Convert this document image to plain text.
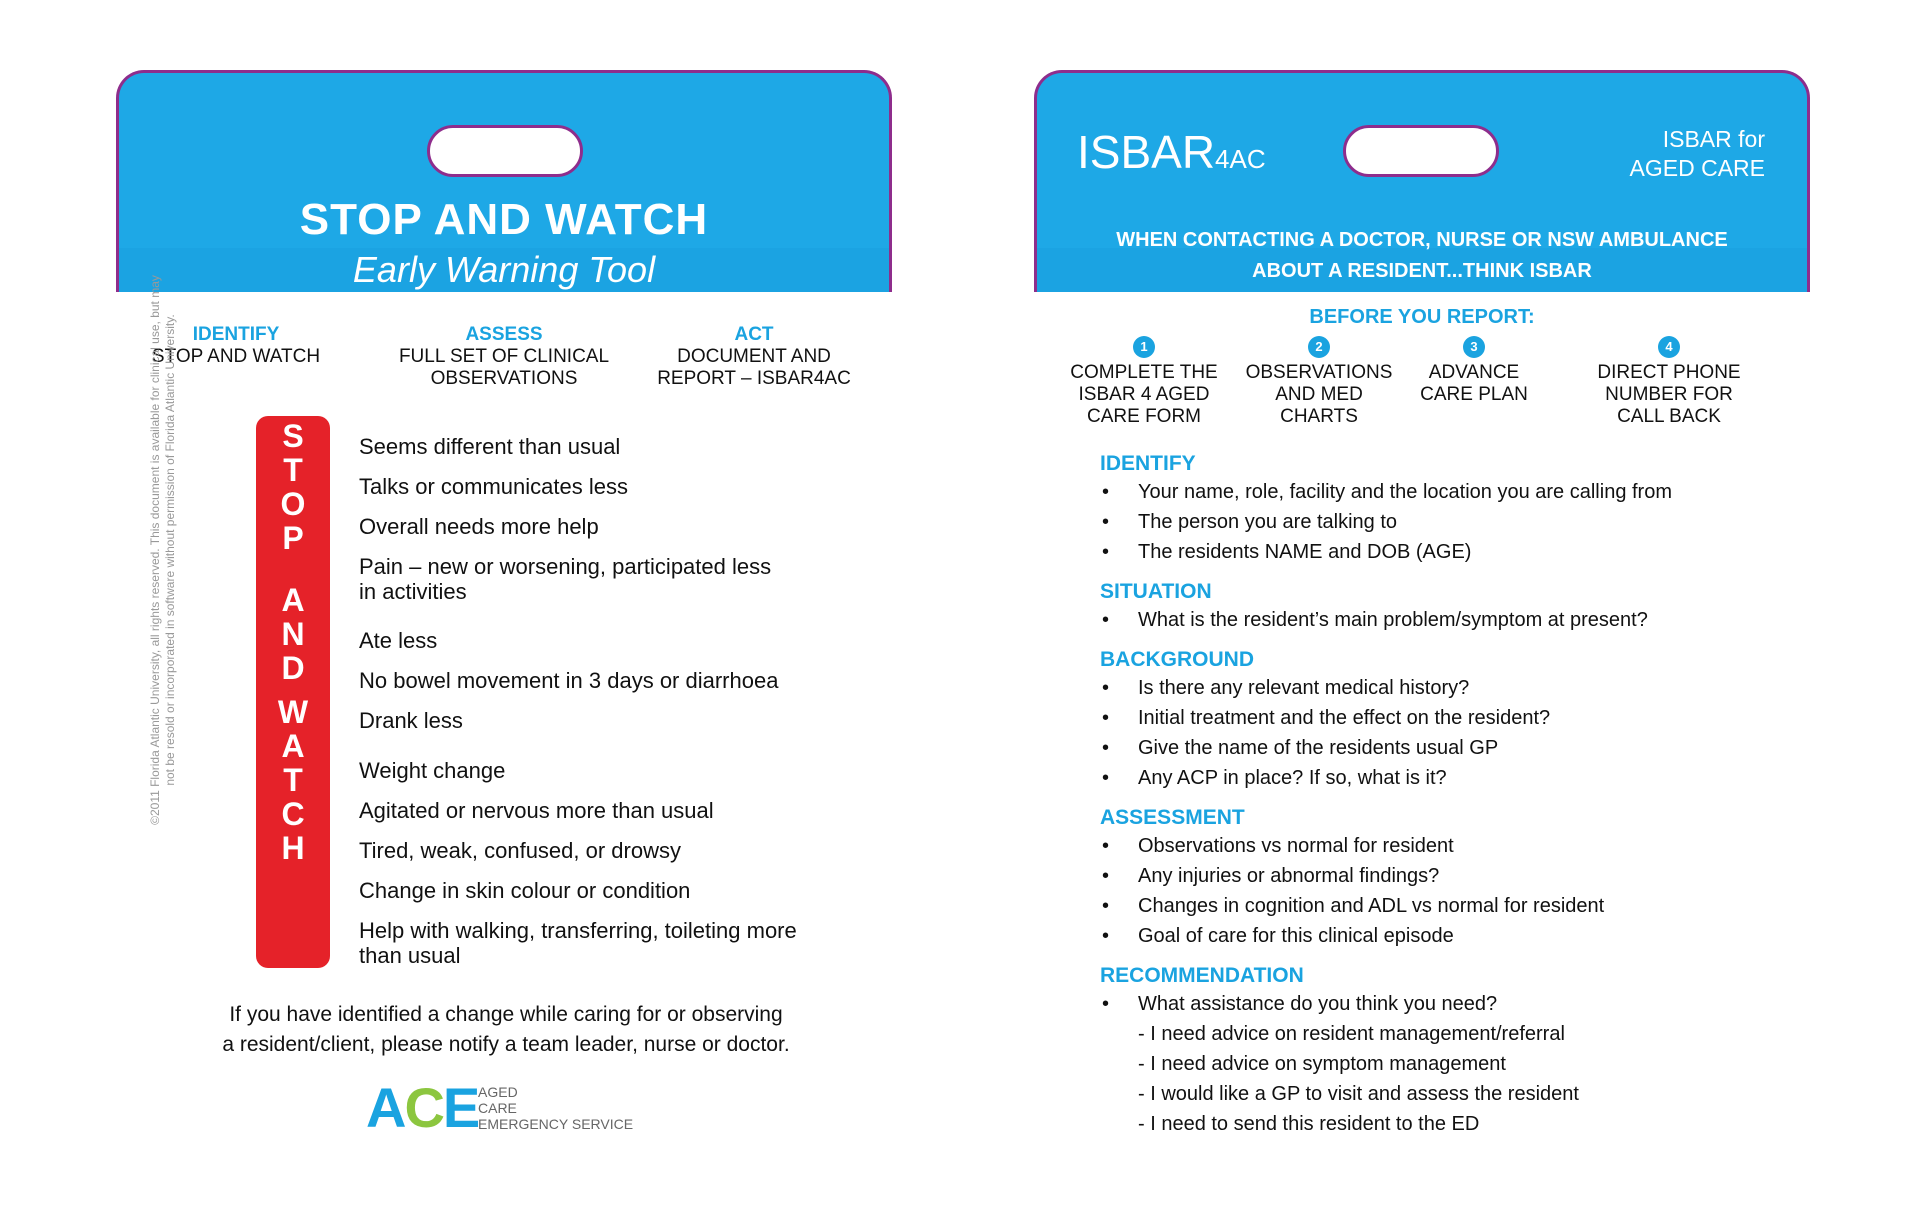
STOP AND WATCH
Early Warning Tool
IDENTIFY
STOP AND WATCH
ASSESS
FULL SET OF CLINICAL OBSERVATIONS
ACT
DOCUMENT AND REPORT – ISBAR4AC
S
T
O
P
A
N
D
W
A
T
C
H
Seems different than usual
Talks or communicates less
Overall needs more help
Pain – new or worsening, participated less in activities
Ate less
No bowel movement in 3 days or diarrhoea
Drank less
Weight change
Agitated or nervous more than usual
Tired, weak, confused, or drowsy
Change in skin colour or condition
Help with walking, transferring, toileting more than usual
©2011 Florida Atlantic University, all rights reserved. This document is available for clinical use, but may not be resold or incorporated in software without permission of Florida Atlantic University.
If you have identified a change while caring for or observing
a resident/client, please notify a team leader, nurse or doctor.
ACE AGED
CARE
EMERGENCY SERVICE
ISBAR4AC
ISBAR for
AGED CARE
WHEN CONTACTING A DOCTOR, NURSE OR NSW AMBULANCE
ABOUT A RESIDENT...THINK ISBAR
BEFORE YOU REPORT:
1
COMPLETE THE ISBAR 4 AGED CARE FORM
2
OBSERVATIONS AND MED CHARTS
3
ADVANCE CARE PLAN
4
DIRECT PHONE NUMBER FOR CALL BACK
IDENTIFY
• Your name, role, facility and the location you are calling from
• The person you are talking to
• The residents NAME and DOB (AGE)
SITUATION
• What is the resident’s main problem/symptom at present?
BACKGROUND
• Is there any relevant medical history?
• Initial treatment and the effect on the resident?
• Give the name of the residents usual GP
• Any ACP in place? If so, what is it?
ASSESSMENT
• Observations vs normal for resident
• Any injuries or abnormal findings?
• Changes in cognition and ADL vs normal for resident
• Goal of care for this clinical episode
RECOMMENDATION
• What assistance do you think you need?
- I need advice on resident management/referral
- I need advice on symptom management
- I would like a GP to visit and assess the resident
- I need to send this resident to the ED
